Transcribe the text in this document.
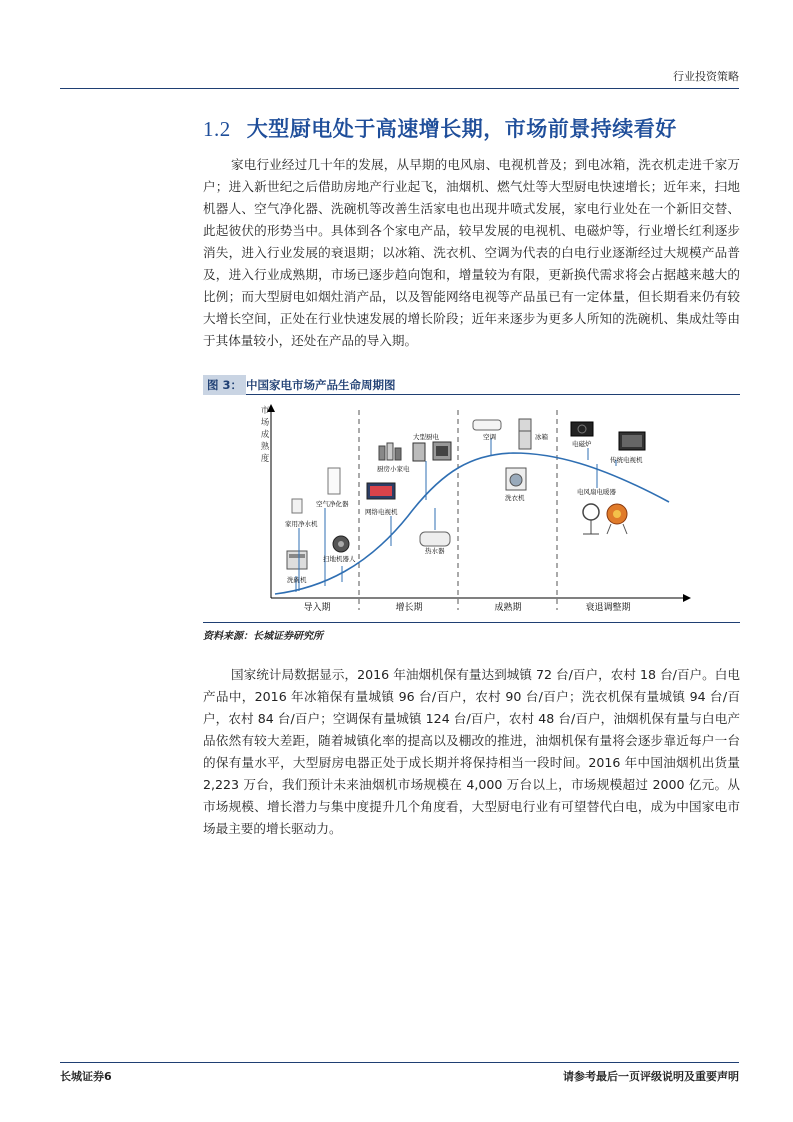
行业投资策略
1.2 大型厨电处于高速增长期，市场前景持续看好
家电行业经过几十年的发展，从早期的电风扇、电视机普及；到电冰箱，洗衣机走进千家万户；进入新世纪之后借助房地产行业起飞，油烟机、燃气灶等大型厨电快速增长；近年来，扫地机器人、空气净化器、洗碗机等改善生活家电也出现井喷式发展，家电行业处在一个新旧交替、此起彼伏的形势当中。具体到各个家电产品，较早发展的电视机、电磁炉等，行业增长红利逐步消失，进入行业发展的衰退期；以冰箱、洗衣机、空调为代表的白电行业逐渐经过大规模产品普及，进入行业成熟期，市场已逐步趋向饱和，增量较为有限，更新换代需求将会占据越来越大的比例；而大型厨电如烟灶消产品，以及智能网络电视等产品虽已有一定体量，但长期看来仍有较大增长空间，正处在行业快速发展的增长阶段；近年来逐步为更多人所知的洗碗机、集成灶等由于其体量较小，还处在产品的导入期。
图 3： 中国家电市场产品生命周期图
市场成熟度
导入期	增长期	成熟期	衰退调整期
洗碗机
家用净水机
空气净化器
扫地机器人
网络电视机
厨房小家电
大型厨电
热水器
空调	冰箱
洗衣机
电磁炉
传统电视机
电风扇电暖器
资料来源：长城证券研究所
国家统计局数据显示，2016 年油烟机保有量达到城镇 72 台/百户，农村 18 台/百户。白电产品中，2016 年冰箱保有量城镇 96 台/百户，农村 90 台/百户；洗衣机保有量城镇 94 台/百户，农村 84 台/百户；空调保有量城镇 124 台/百户，农村 48 台/百户，油烟机保有量与白电产品依然有较大差距，随着城镇化率的提高以及棚改的推进，油烟机保有量将会逐步靠近每户一台的保有量水平，大型厨房电器正处于成长期并将保持相当一段时间。2016 年中国油烟机出货量 2,223 万台，我们预计未来油烟机市场规模在 4,000 万台以上，市场规模超过 2000 亿元。从市场规模、增长潜力与集中度提升几个角度看，大型厨电行业有可望替代白电，成为中国家电市场最主要的增长驱动力。
长城证券6	请参考最后一页评级说明及重要声明
